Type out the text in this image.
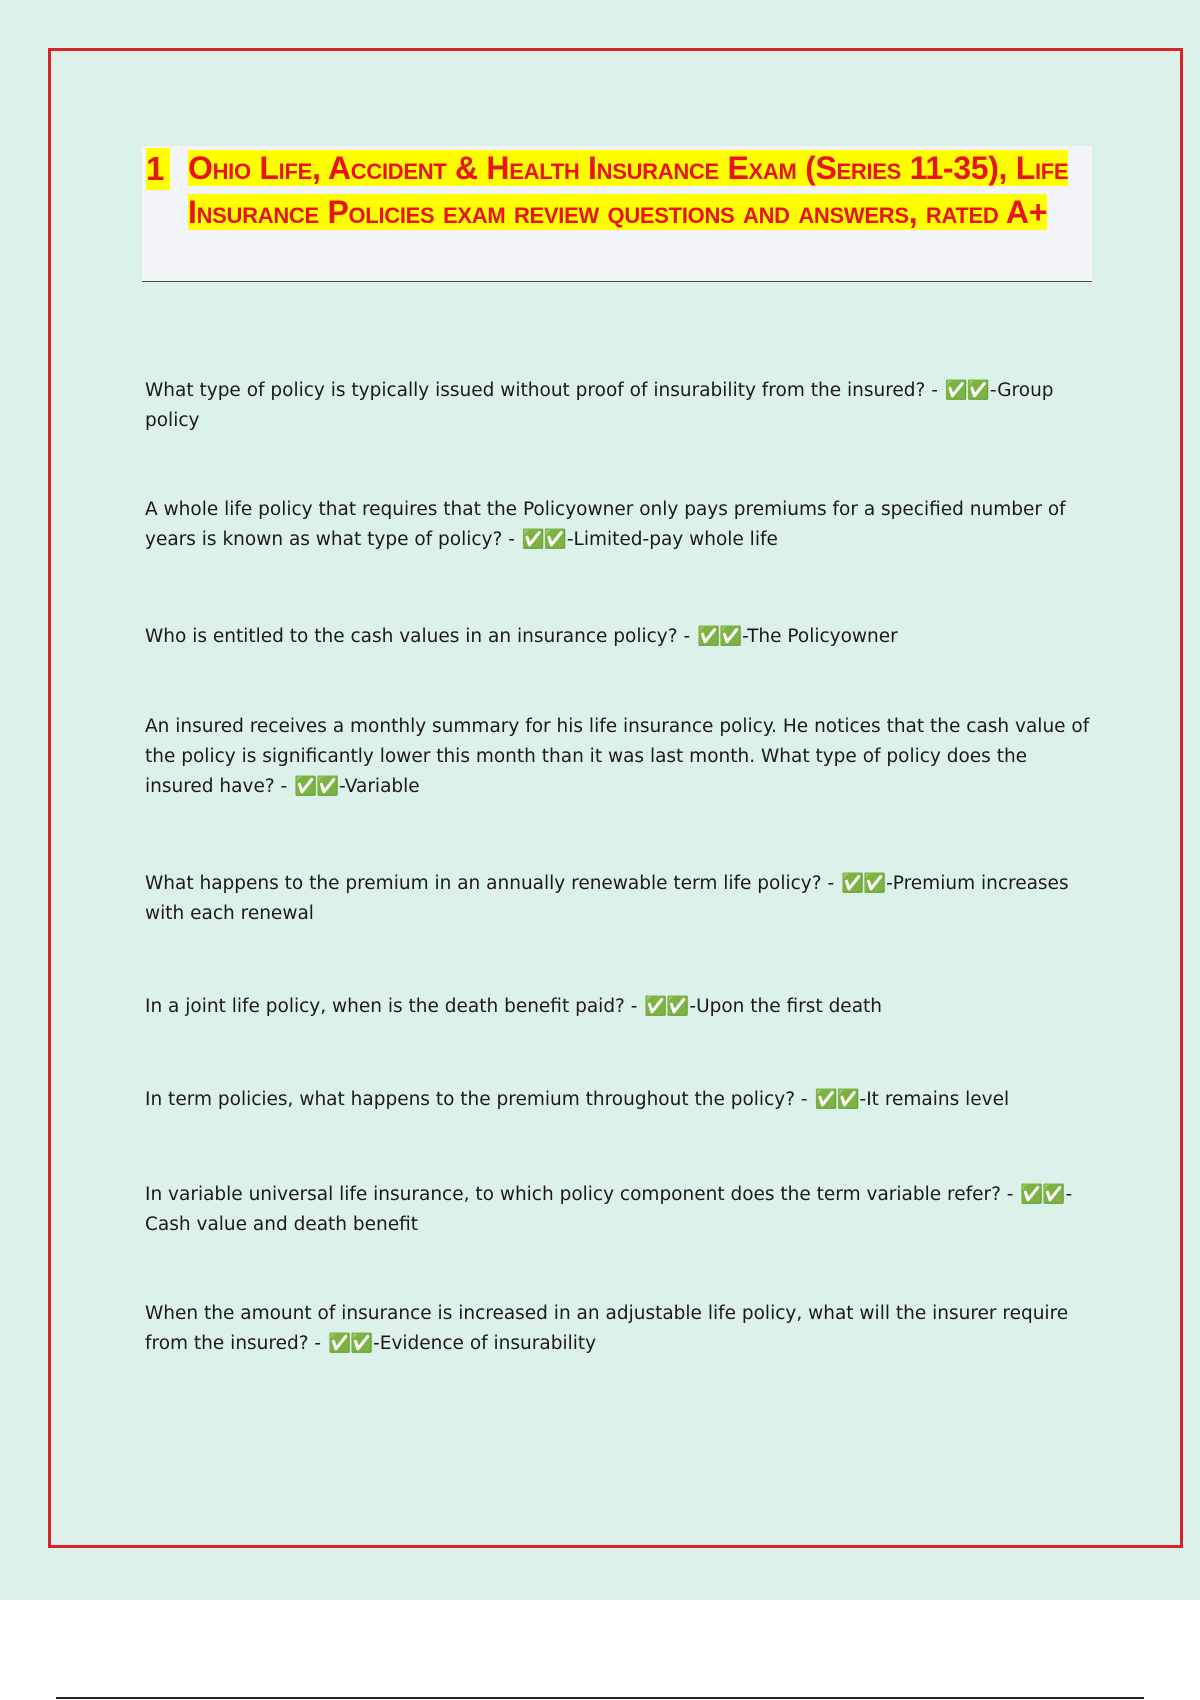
1 Ohio Life, Accident & Health Insurance Exam (Series 11-35), Life Insurance Policies exam review questions and answers, rated A+

What type of policy is typically issued without proof of insurability from the insured? - ✅✅-Group policy

A whole life policy that requires that the Policyowner only pays premiums for a specified number of years is known as what type of policy? - ✅✅-Limited-pay whole life

Who is entitled to the cash values in an insurance policy? - ✅✅-The Policyowner

An insured receives a monthly summary for his life insurance policy. He notices that the cash value of the policy is significantly lower this month than it was last month. What type of policy does the insured have? - ✅✅-Variable

What happens to the premium in an annually renewable term life policy? - ✅✅-Premium increases with each renewal

In a joint life policy, when is the death benefit paid? - ✅✅-Upon the first death

In term policies, what happens to the premium throughout the policy? - ✅✅-It remains level

In variable universal life insurance, to which policy component does the term variable refer? - ✅✅-Cash value and death benefit

When the amount of insurance is increased in an adjustable life policy, what will the insurer require from the insured? - ✅✅-Evidence of insurability
